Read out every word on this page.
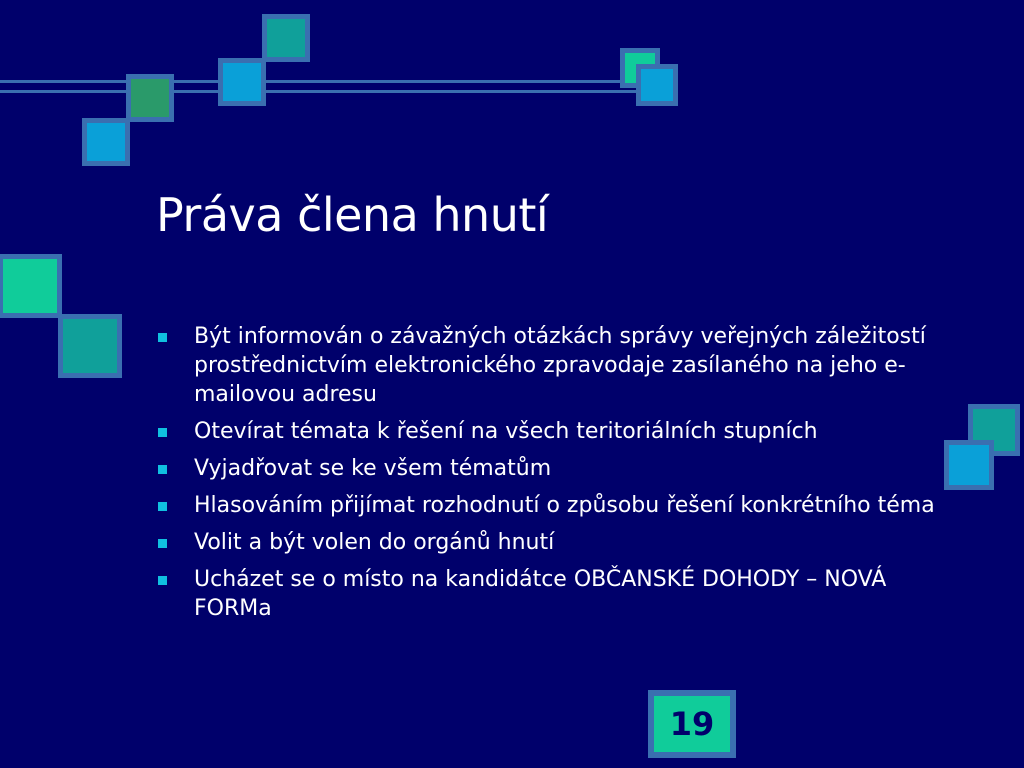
Práva člena hnutí
Být informován o závažných otázkách správy veřejných záležitostí prostřednictvím elektronického zpravodaje zasílaného na jeho e-mailovou adresu
Otevírat témata k řešení na všech teritoriálních stupních
Vyjadřovat se ke všem tématům
Hlasováním přijímat rozhodnutí o způsobu řešení konkrétního téma
Volit a být volen do orgánů hnutí
Ucházet se o místo na kandidátce OBČANSKÉ DOHODY – NOVÁ FORMa
19
